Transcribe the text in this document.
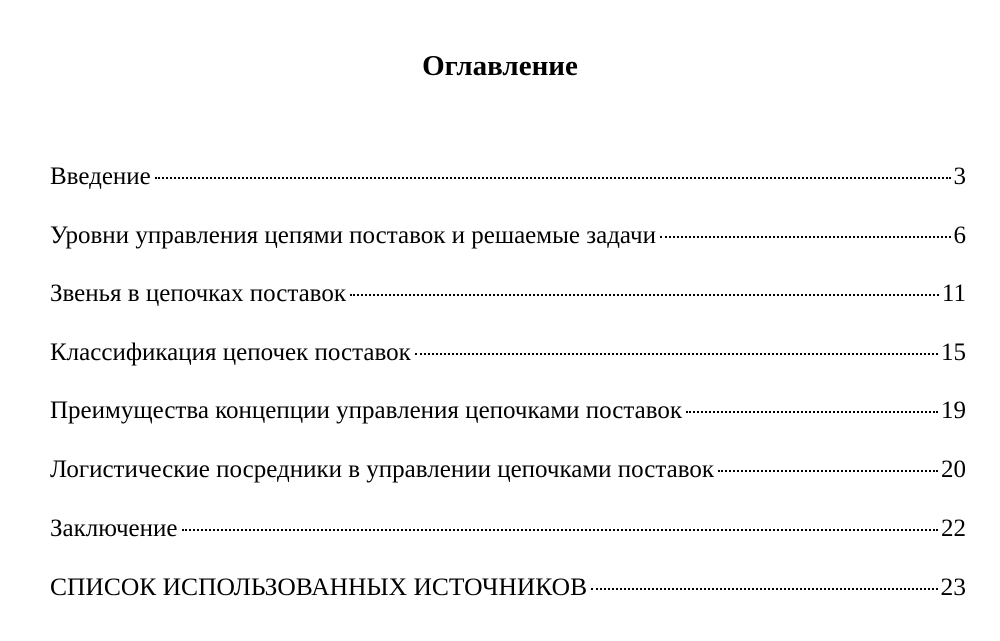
Оглавление
Введение	3
Уровни управления цепями поставок и решаемые задачи	6
Звенья в цепочках поставок	11
Классификация цепочек поставок	15
Преимущества концепции управления цепочками поставок	19
Логистические посредники в управлении цепочками поставок	20
Заключение	22
СПИСОК ИСПОЛЬЗОВАННЫХ ИСТОЧНИКОВ	23
